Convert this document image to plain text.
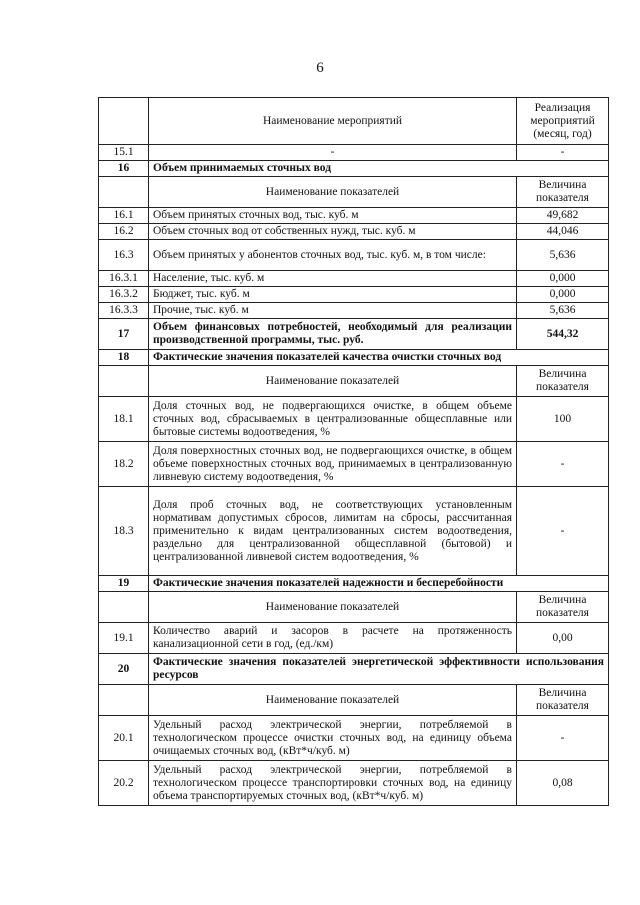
6
	Наименование мероприятий	Реализация мероприятий (месяц, год)
15.1	-	-
16	Объем принимаемых сточных вод	
	Наименование показателей	Величина показателя
16.1	Объем принятых сточных вод, тыс. куб. м	49,682
16.2	Объем сточных вод от собственных нужд, тыс. куб. м	44,046
16.3	Объем принятых у абонентов сточных вод, тыс. куб. м, в том числе:	5,636
16.3.1	Население, тыс. куб. м	0,000
16.3.2	Бюджет, тыс. куб. м	0,000
16.3.3	Прочие, тыс. куб. м	5,636
17	Объем финансовых потребностей, необходимый для реализации производственной программы, тыс. руб.	544,32
18	Фактические значения показателей качества очистки сточных вод	
	Наименование показателей	Величина показателя
18.1	Доля сточных вод, не подвергающихся очистке, в общем объеме сточных вод, сбрасываемых в централизованные общесплавные или бытовые системы водоотведения, %	100
18.2	Доля поверхностных сточных вод, не подвергающихся очистке, в общем объеме поверхностных сточных вод, принимаемых в централизованную ливневую систему водоотведения, %	-
18.3	Доля проб сточных вод, не соответствующих установленным нормативам допустимых сбросов, лимитам на сбросы, рассчитанная применительно к видам централизованных систем водоотведения, раздельно для централизованной общесплавной (бытовой) и централизованной ливневой систем водоотведения, %	-
19	Фактические значения показателей надежности и бесперебойности	
	Наименование показателей	Величина показателя
19.1	Количество аварий и засоров в расчете на протяженность канализационной сети в год, (ед./км)	0,00
20	Фактические значения показателей энергетической эффективности использования ресурсов	
	Наименование показателей	Величина показателя
20.1	Удельный расход электрической энергии, потребляемой в технологическом процессе очистки сточных вод, на единицу объема очищаемых сточных вод, (кВт*ч/куб. м)	-
20.2	Удельный расход электрической энергии, потребляемой в технологическом процессе транспортировки сточных вод, на единицу объема транспортируемых сточных вод, (кВт*ч/куб. м)	0,08
